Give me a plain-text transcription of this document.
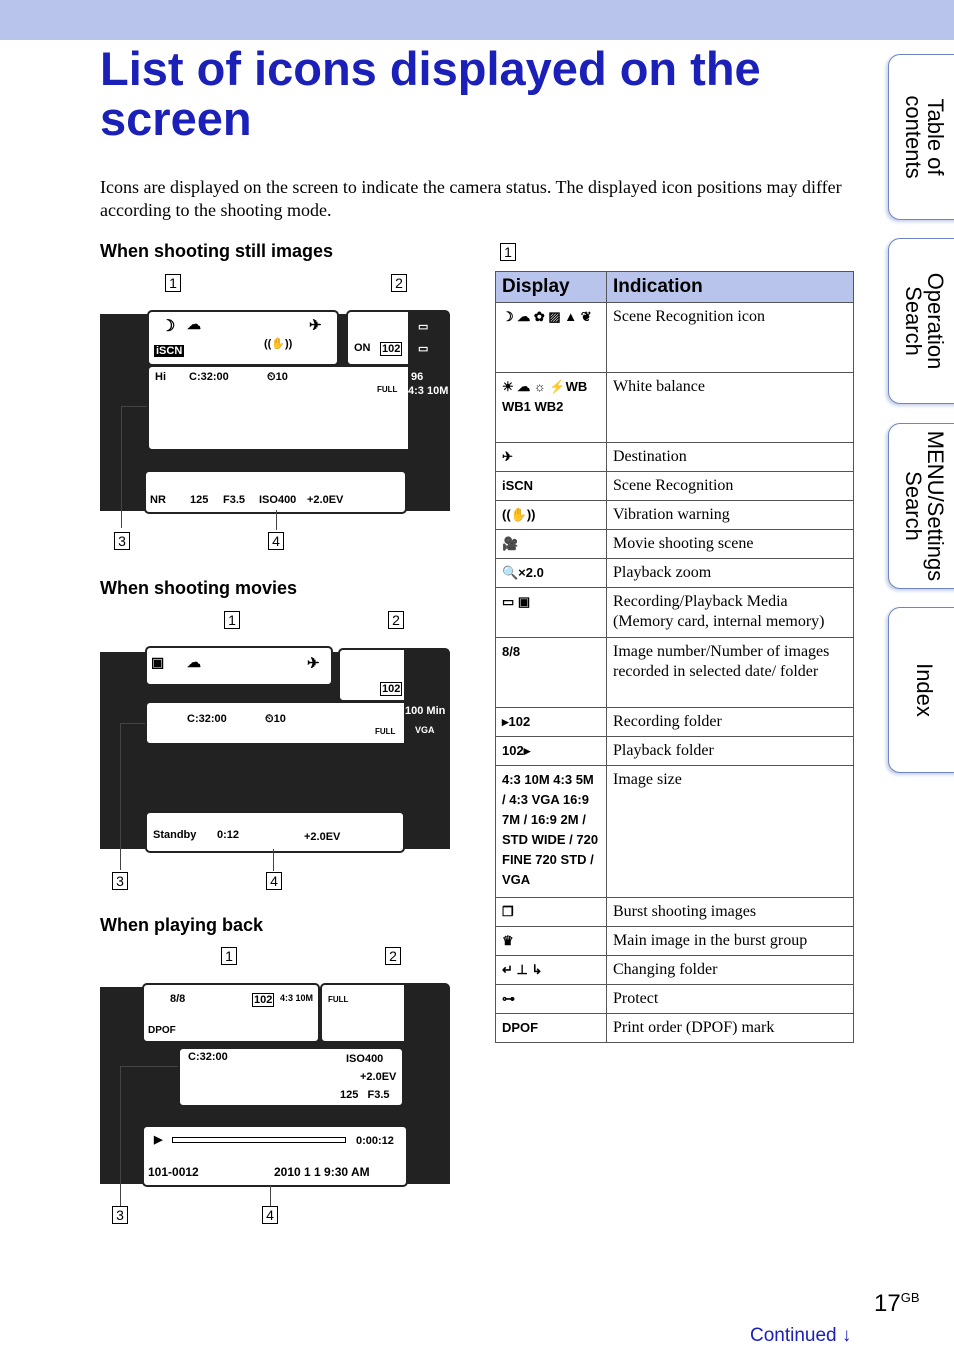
List of icons displayed on the screen
Icons are displayed on the screen to indicate the camera status. The displayed icon positions may differ according to the shooting mode.
Table of contents
Operation Search
MENU/Settings Search
Index
When shooting still images
1	2
☽ ☁	✈
((✋))
iSCN	ON 102
▭
▭
Hi C:32:00	⏲10	96
4:3 10M
FULL
NR 125 F3.5 ISO400 +2.0EV
3	4
When shooting movies
1	2
▣ ☁	✈
102
C:32:00	⏲10
100 Min
VGA
FULL
Standby 0:12	+2.0EV
3	4
When playing back
1	2
8/8	102 4:3 10M
DPOF
FULL
C:32:00	ISO400
+2.0EV
125 F3.5
▶	0:00:12
101-0012	2010 1 1 9:30 AM
3	4
1
Display	Indication
☽ ☁ ✿ ▨ ▲ ❦	Scene Recognition icon
☀ ☁ ☼ ⚡WB WB1 WB2	White balance
✈	Destination
iSCN	Scene Recognition
((✋))	Vibration warning
🎥	Movie shooting scene
🔍×2.0	Playback zoom
▭ ▣	Recording/Playback Media (Memory card, internal memory)
8/8	Image number/Number of images recorded in selected date/ folder
▸102	Recording folder
102▸	Playback folder
4:3 10M 4:3 5M / 4:3 VGA 16:9 7M / 16:9 2M / STD WIDE / 720 FINE 720 STD / VGA	Image size
❐	Burst shooting images
♛	Main image in the burst group
↵ ⊥ ↳	Changing folder
⊶	Protect
DPOF	Print order (DPOF) mark
$17^{GB}$
Continued ↓
